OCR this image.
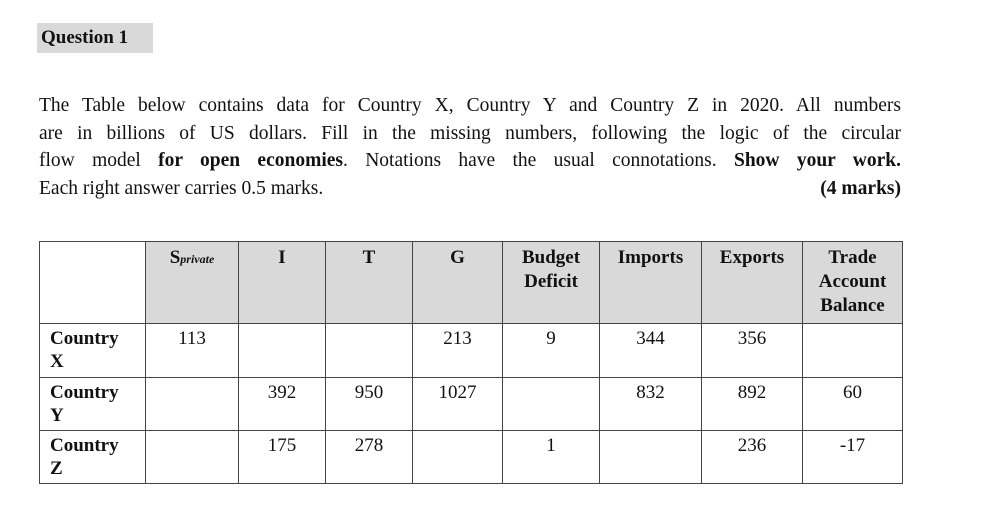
Question 1
The Table below contains data for Country X, Country Y and Country Z in 2020. All numbers
are in billions of US dollars. Fill in the missing numbers, following the logic of the circular
flow model for open economies. Notations have the usual connotations. Show your work.
Each right answer carries 0.5 marks.	(4 marks)
	Sprivate	I	T	G	Budget Deficit	Imports	Exports	Trade Account Balance

Country
X	113			213	9	344	356	

Country
Y		392	950	1027		832	892	60

Country
Z		175	278		1		236	-17
